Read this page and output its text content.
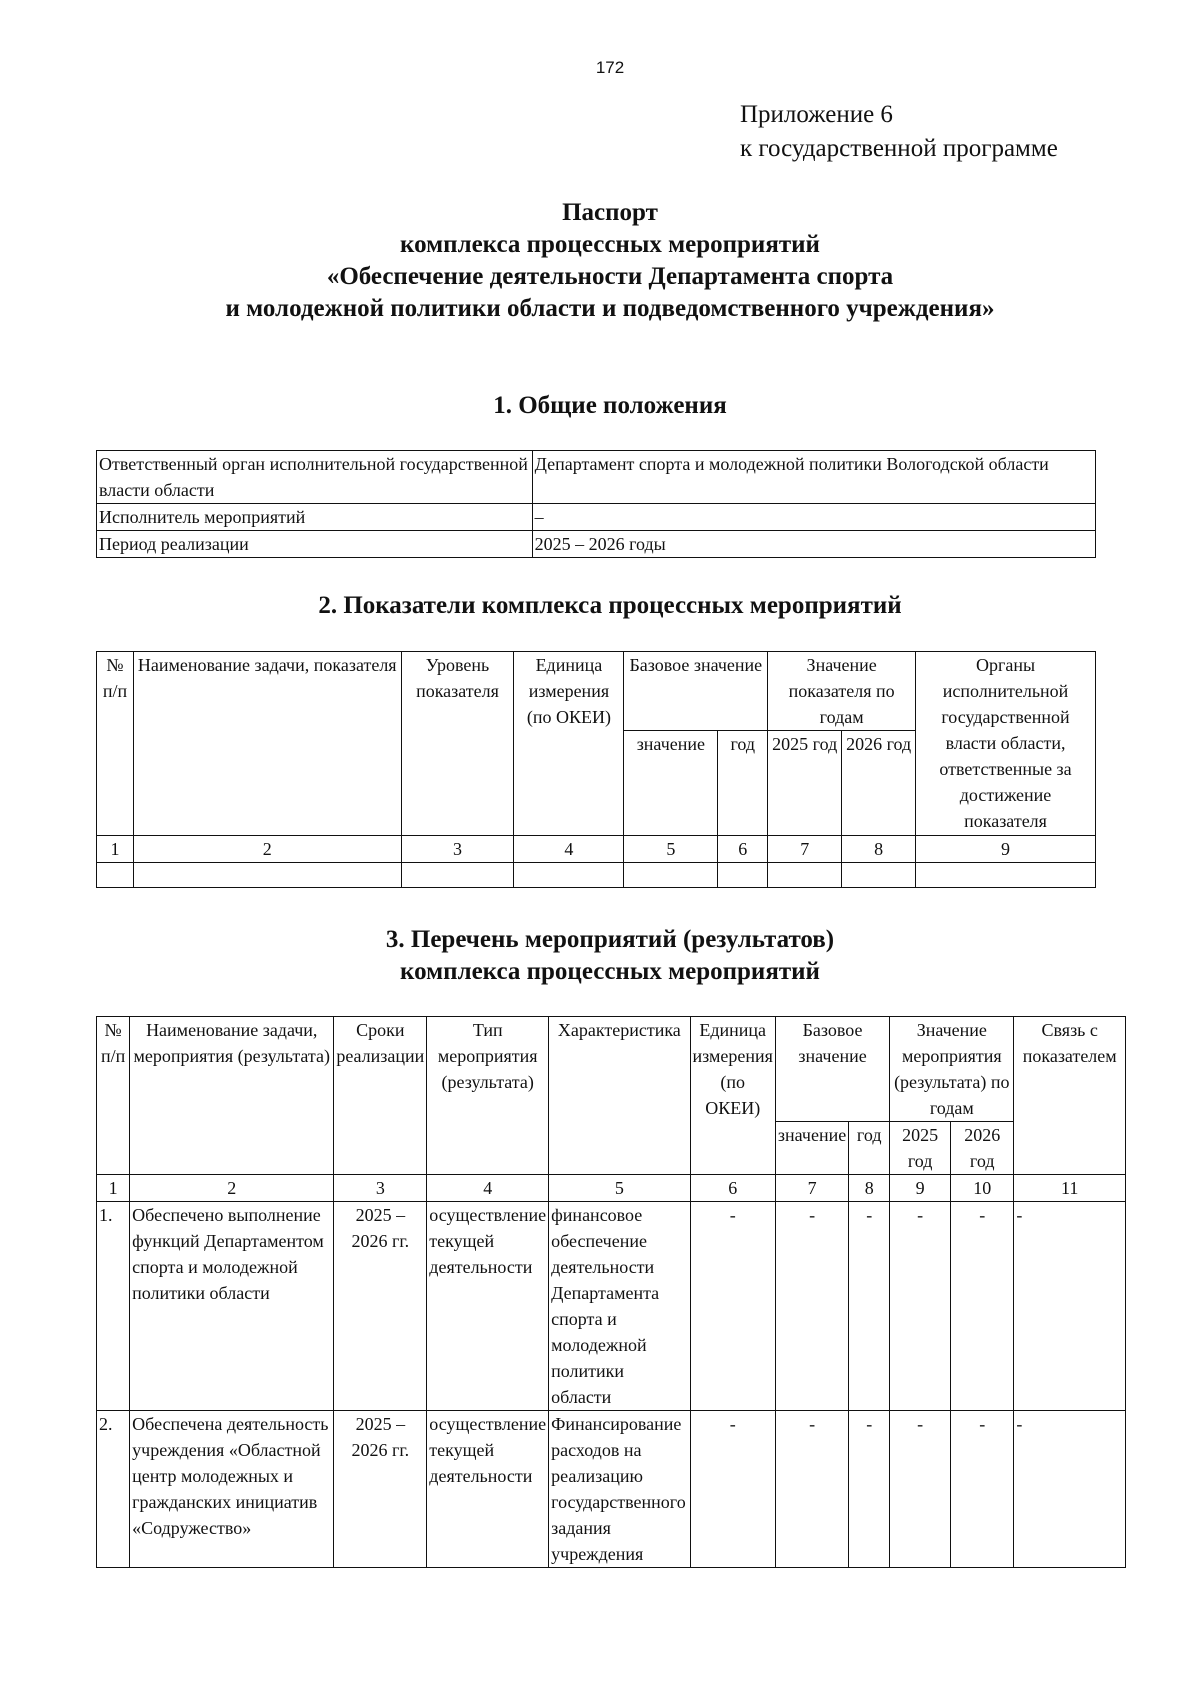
172
Приложение 6
к государственной программе
Паспорт
комплекса процессных мероприятий
«Обеспечение деятельности Департамента спорта
и молодежной политики области и подведомственного учреждения»
1. Общие положения
Ответственный орган исполнительной государственной власти области	Департамент спорта и молодежной политики Вологодской области
Исполнитель мероприятий	–
Период реализации	2025 – 2026 годы
2. Показатели комплекса процессных мероприятий
№ п/п	Наименование задачи, показателя	Уровень показателя	Единица измерения (по ОКЕИ)	Базовое значение		Значение показателя по годам		Органы исполнительной государственной власти области, ответственные за достижение показателя
				значение	год	2025 год	2026 год	
1	2	3	4	5	6	7	8	9

3. Перечень мероприятий (результатов)
комплекса процессных мероприятий
№ п/п	Наименование задачи, мероприятия (результата)	Сроки реализации	Тип мероприятия (результата)	Характеристика	Единица измерения (по ОКЕИ)	Базовое значение		Значение мероприятия (результата) по годам		Связь с показателем
						значение	год	2025 год	2026 год	
1	2	3	4	5	6	7	8	9	10	11
1.	Обеспечено выполнение функций Департаментом спорта и молодежной политики области	2025 – 2026 гг.	осуществление текущей деятельности	финансовое обеспечение деятельности Департамента спорта и молодежной политики области	-	-	-	-	-	-
2.	Обеспечена деятельность учреждения «Областной центр молодежных и гражданских инициатив «Содружество»	2025 – 2026 гг.	осуществление текущей деятельности	Финансирование расходов на реализацию государственного задания учреждения	-	-	-	-	-	-
